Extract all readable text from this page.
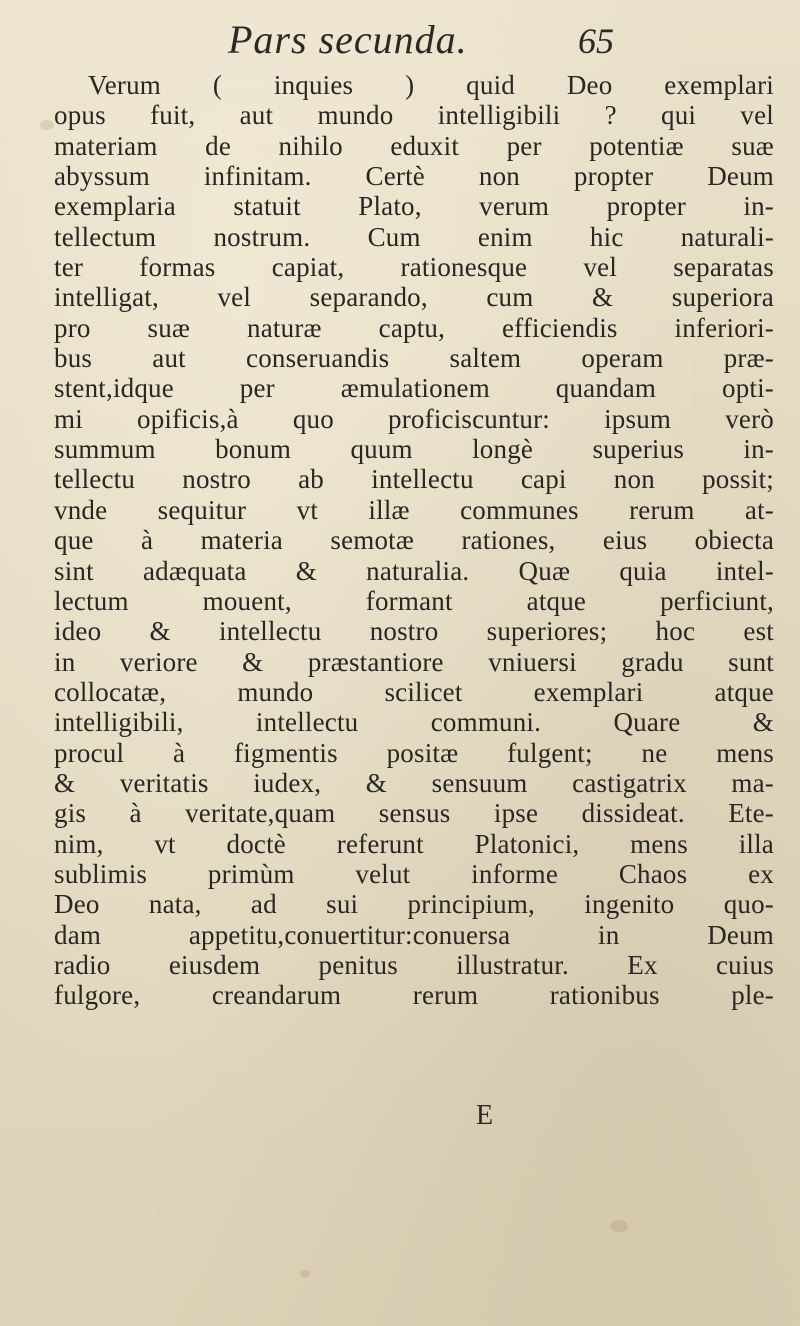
Pars secunda.	65
Verum ( inquies ) quid Deo exemplari
opus fuit, aut mundo intelligibili ? qui vel
materiam de nihilo eduxit per potentiæ suæ
abyssum infinitam. Certè non propter Deum
exemplaria statuit Plato, verum propter in-
tellectum nostrum. Cum enim hic naturali-
ter formas capiat, rationesque vel separatas
intelligat, vel separando, cum & superiora
pro suæ naturæ captu, efficiendis inferiori-
bus aut conseruandis saltem operam præ-
stent,idque per æmulationem quandam opti-
mi opificis,à quo proficiscuntur: ipsum verò
summum bonum quum longè superius in-
tellectu nostro ab intellectu capi non possit;
vnde sequitur vt illæ communes rerum at-
que à materia semotæ rationes, eius obiecta
sint adæquata & naturalia. Quæ quia intel-
lectum mouent, formant atque perficiunt,
ideo & intellectu nostro superiores; hoc est
in veriore & præstantiore vniuersi gradu sunt
collocatæ, mundo scilicet exemplari atque
intelligibili, intellectu communi. Quare &
procul à figmentis positæ fulgent; ne mens
& veritatis iudex, & sensuum castigatrix ma-
gis à veritate,quam sensus ipse dissideat. Ete-
nim, vt doctè referunt Platonici, mens illa
sublimis primùm velut informe Chaos ex
Deo nata, ad sui principium, ingenito quo-
dam appetitu,conuertitur:conuersa in Deum
radio eiusdem penitus illustratur. Ex cuius
fulgore, creandarum rerum rationibus ple-
E
